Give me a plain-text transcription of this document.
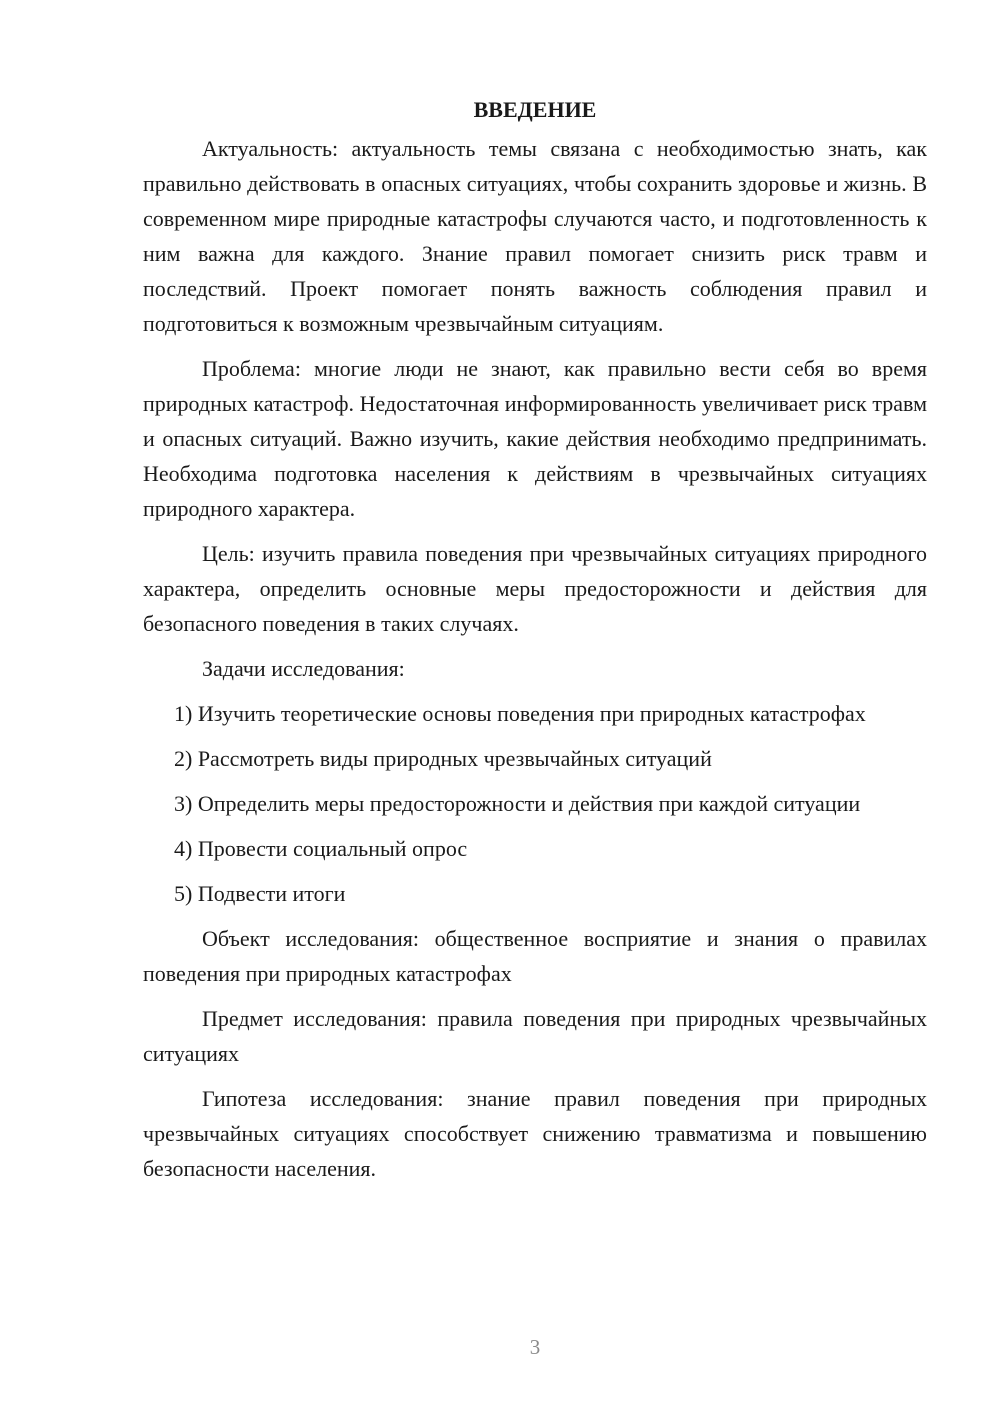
ВВЕДЕНИЕ

Актуальность: актуальность темы связана с необходимостью знать, как правильно действовать в опасных ситуациях, чтобы сохранить здоровье и жизнь. В современном мире природные катастрофы случаются часто, и подготовленность к ним важна для каждого. Знание правил помогает снизить риск травм и последствий. Проект помогает понять важность соблюдения правил и подготовиться к возможным чрезвычайным ситуациям.

Проблема: многие люди не знают, как правильно вести себя во время природных катастроф. Недостаточная информированность увеличивает риск травм и опасных ситуаций. Важно изучить, какие действия необходимо предпринимать. Необходима подготовка населения к действиям в чрезвычайных ситуациях природного характера.

Цель: изучить правила поведения при чрезвычайных ситуациях природного характера, определить основные меры предосторожности и действия для безопасного поведения в таких случаях.

Задачи исследования:

1) Изучить теоретические основы поведения при природных катастрофах

2) Рассмотреть виды природных чрезвычайных ситуаций

3) Определить меры предосторожности и действия при каждой ситуации

4) Провести социальный опрос

5) Подвести итоги

Объект исследования: общественное восприятие и знания о правилах поведения при природных катастрофах

Предмет исследования: правила поведения при природных чрезвычайных ситуациях

Гипотеза исследования: знание правил поведения при природных чрезвычайных ситуациях способствует снижению травматизма и повышению безопасности населения.

3
